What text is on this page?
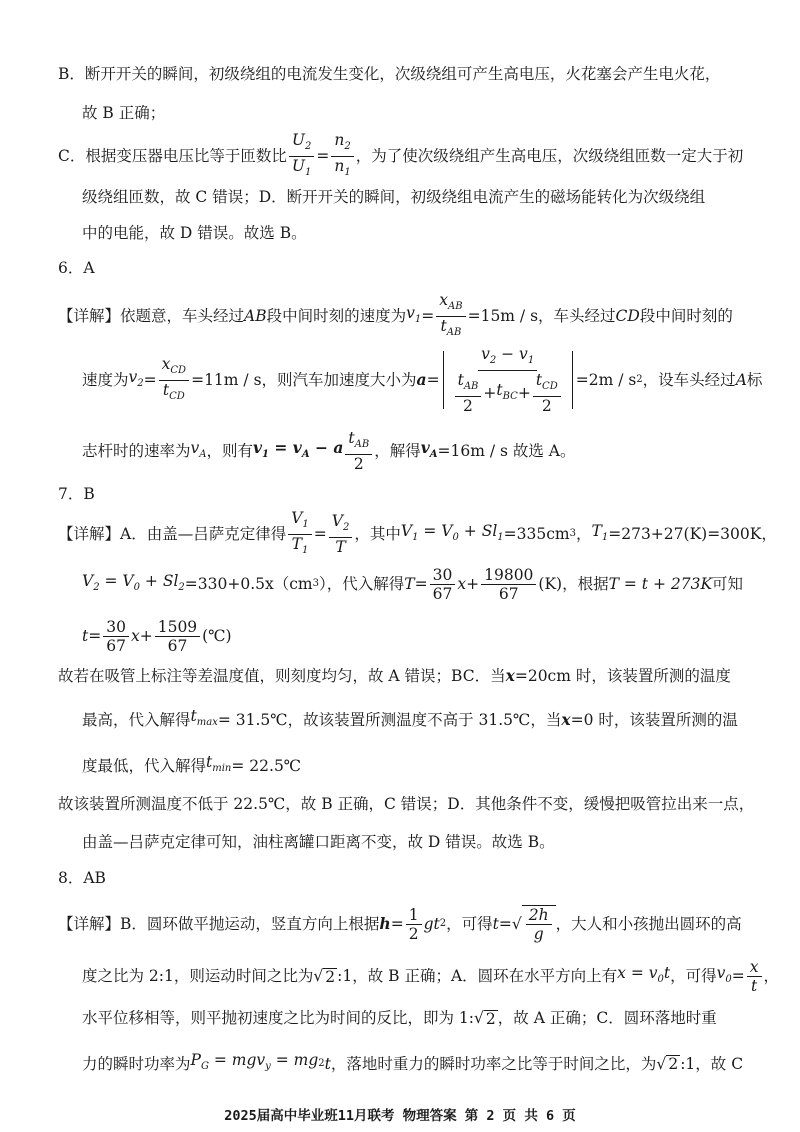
B．断开开关的瞬间，初级绕组的电流发生变化，次级绕组可产生高电压，火花塞会产生电火花，
故 B 正确；
C．根据变压器电压比等于匝数比 $\frac{U_2}{U_1} = \frac{n_2}{n_1}$ ，为了使次级绕组产生高电压，次级绕组匝数一定大于初
级绕组匝数，故 C 错误；D．断开开关的瞬间，初级绕组电流产生的磁场能转化为次级绕组
中的电能，故 D 错误。故选 B。
6．A
【详解】依题意，车头经过 AB 段中间时刻的速度为 $v_1 = \frac{x_{AB}}{t_{AB}} =15m / s$，车头经过 CD 段中间时刻的
速度为 $v_2 = \frac{x_{CD}}{t_{CD}} =11m / s$，则汽车加速度大小为 $a = \frac{v_2 - v_1}{\frac{t_{AB}}{2} + t_{BC} + \frac{t_{CD}}{2}} =2m / s$ 2 ，设车头经过 A 标
志杆时的速率为 $v_A$ ，则有 $v_1 = v_A - a \frac{t_{AB}}{2}$ ，解得 $v_A =16m / s$ 故选 A。
7．B
【详解】A．由盖—吕萨克定律得 $\frac{V_1}{T_1} = \frac{V_2}{T}$ ，其中 $V_1 = V_0 + Sl_1 =335cm$ 3 ， $T_1 =273+27(K)=300K$，
$V_2 = V_0 + Sl_2 =330+0.5x(cm$ 3 ），代入解得 $T = \frac{30}{67}$ $x + \frac{19800}{67} (K)$，根据 T = t + 273K 可知
$t = \frac{30}{67}$ $x + \frac{1509}{67}$ (℃)
故若在吸管上标注等差温度值，则刻度均匀，故 A 错误；BC．当 x =20cm 时，该装置所测的温度
最高，代入解得 $t_{max}$ = 31.5℃，故该装置所测温度不高于 31.5℃，当 x =0 时，该装置所测的温
度最低，代入解得 $t_{min}$ = 22.5℃
故该装置所测温度不低于 22.5℃，故 B 正确，C 错误；D．其他条件不变，缓慢把吸管拉出来一点，
由盖—吕萨克定律可知，油柱离罐口距离不变，故 D 错误。故选 B。
8．AB
【详解】B．圆环做平抛运动，竖直方向上根据 $h = \frac{1}{2}$ gt 2 ，可得 t = √ $\frac{2h}{g}$ ，大人和小孩抛出圆环的高
度之比为 2:1，则运动时间之比为 √ 2 :1，故 B 正确；A．圆环在水平方向上有 $x = v_0t$ ，可得 $v_0 = \frac{x}{t}$ ，
水平位移相等，则平抛初速度之比为时间的反比，即为 1: √ 2 ，故 A 正确；C．圆环落地时重
力的瞬时功率为 $P_G = mgv_y$ = mg 2 t ，落地时重力的瞬时功率之比等于时间之比，为 √ 2 :1，故 C
2025届高中毕业班11月联考 物理答案 第 2 页 共 6 页
